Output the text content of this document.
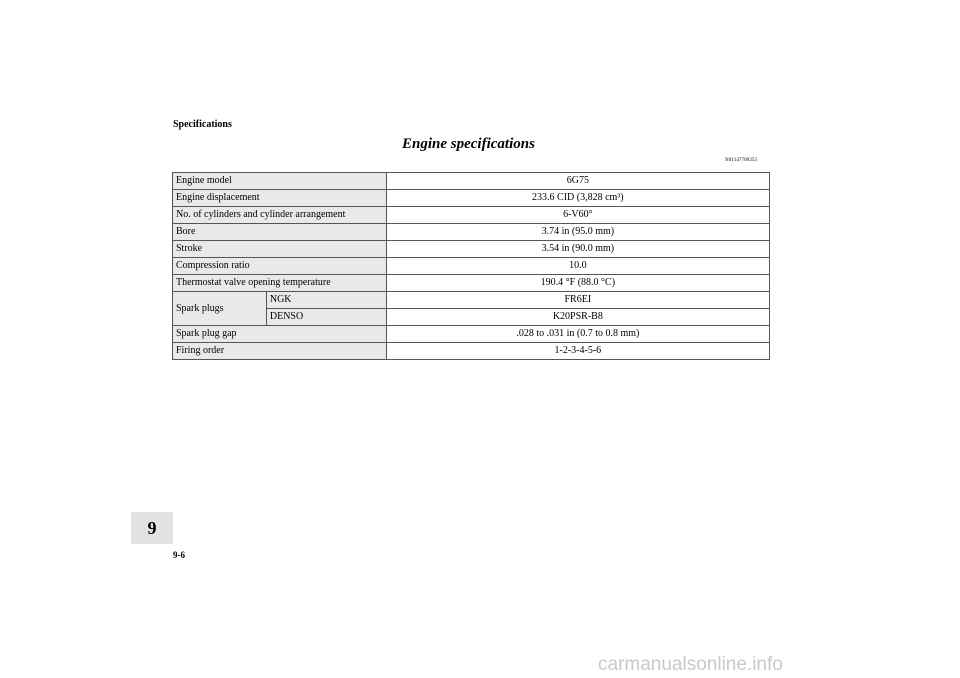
Specifications
Engine specifications
N01147700253
Engine model		6G75
Engine displacement		233.6 CID (3,828 cm³)
No. of cylinders and cylinder arrangement		6-V60°
Bore		3.74 in (95.0 mm)
Stroke		3.54 in (90.0 mm)
Compression ratio		10.0
Thermostat valve opening temperature		190.4 °F (88.0 °C)
Spark plugs	NGK	FR6EI
	DENSO	K20PSR-B8
Spark plug gap		.028 to .031 in (0.7 to 0.8 mm)
Firing order		1-2-3-4-5-6
9
9-6
carmanualsonline.info
